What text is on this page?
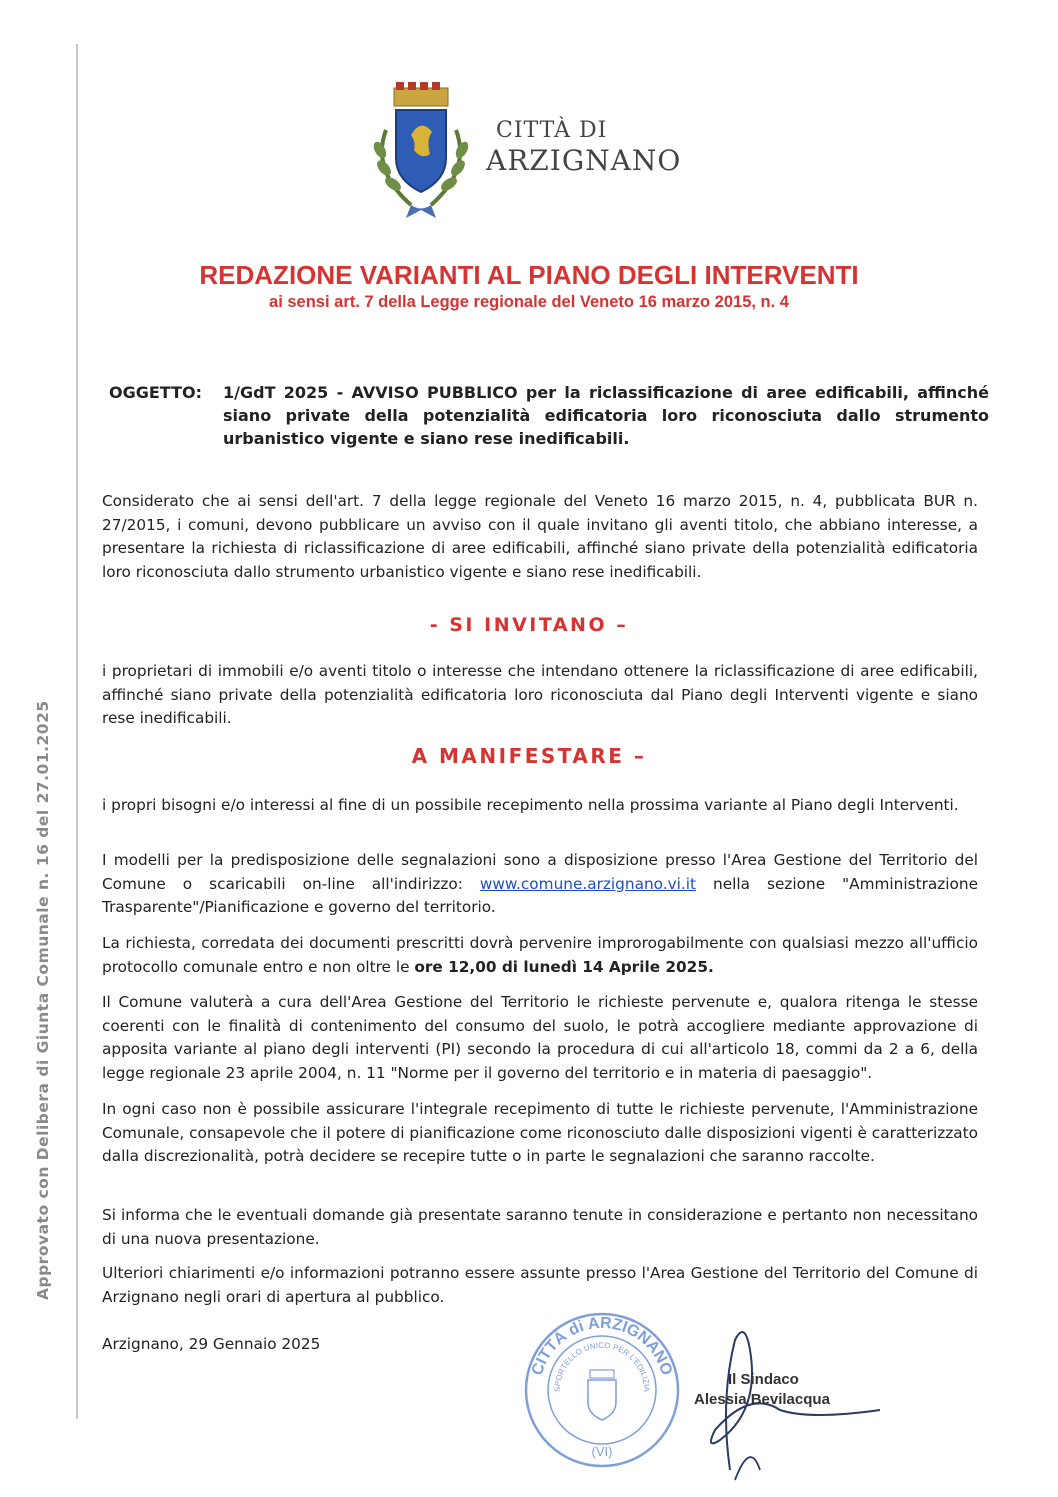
Approvato con Delibera di Giunta Comunale n. 16 del 27.01.2025
CITTÀ DI
ARZIGNANO
REDAZIONE VARIANTI AL PIANO DEGLI INTERVENTI
ai sensi art. 7 della Legge regionale del Veneto 16 marzo 2015, n. 4
OGGETTO: 1/GdT 2025 - AVVISO PUBBLICO per la riclassificazione di aree edificabili, affinché siano private della potenzialità edificatoria loro riconosciuta dallo strumento urbanistico vigente e siano rese inedificabili.
Considerato che ai sensi dell'art. 7 della legge regionale del Veneto 16 marzo 2015, n. 4, pubblicata BUR n. 27/2015, i comuni, devono pubblicare un avviso con il quale invitano gli aventi titolo, che abbiano interesse, a presentare la richiesta di riclassificazione di aree edificabili, affinché siano private della potenzialità edificatoria loro riconosciuta dallo strumento urbanistico vigente e siano rese inedificabili.
- SI INVITANO –
i proprietari di immobili e/o aventi titolo o interesse che intendano ottenere la riclassificazione di aree edificabili, affinché siano private della potenzialità edificatoria loro riconosciuta dal Piano degli Interventi vigente e siano rese inedificabili.
A MANIFESTARE –
i propri bisogni e/o interessi al fine di un possibile recepimento nella prossima variante al Piano degli Interventi.
I modelli per la predisposizione delle segnalazioni sono a disposizione presso l'Area Gestione del Territorio del Comune o scaricabili on-line all'indirizzo: www.comune.arzignano.vi.it nella sezione "Amministrazione Trasparente"/Pianificazione e governo del territorio.
La richiesta, corredata dei documenti prescritti dovrà pervenire improrogabilmente con qualsiasi mezzo all'ufficio protocollo comunale entro e non oltre le ore 12,00 di lunedì 14 Aprile 2025.
Il Comune valuterà a cura dell'Area Gestione del Territorio le richieste pervenute e, qualora ritenga le stesse coerenti con le finalità di contenimento del consumo del suolo, le potrà accogliere mediante approvazione di apposita variante al piano degli interventi (PI) secondo la procedura di cui all'articolo 18, commi da 2 a 6, della legge regionale 23 aprile 2004, n. 11 "Norme per il governo del territorio e in materia di paesaggio".
In ogni caso non è possibile assicurare l'integrale recepimento di tutte le richieste pervenute, l'Amministrazione Comunale, consapevole che il potere di pianificazione come riconosciuto dalle disposizioni vigenti è caratterizzato dalla discrezionalità, potrà decidere se recepire tutte o in parte le segnalazioni che saranno raccolte.
Si informa che le eventuali domande già presentate saranno tenute in considerazione e pertanto non necessitano di una nuova presentazione.
Ulteriori chiarimenti e/o informazioni potranno essere assunte presso l'Area Gestione del Territorio del Comune di Arzignano negli orari di apertura al pubblico.
Arzignano, 29 Gennaio 2025
CITTÀ di ARZIGNANO
SPORTELLO UNICO PER L'EDILIZIA
(VI)
Il Sindaco
Alessia Bevilacqua
